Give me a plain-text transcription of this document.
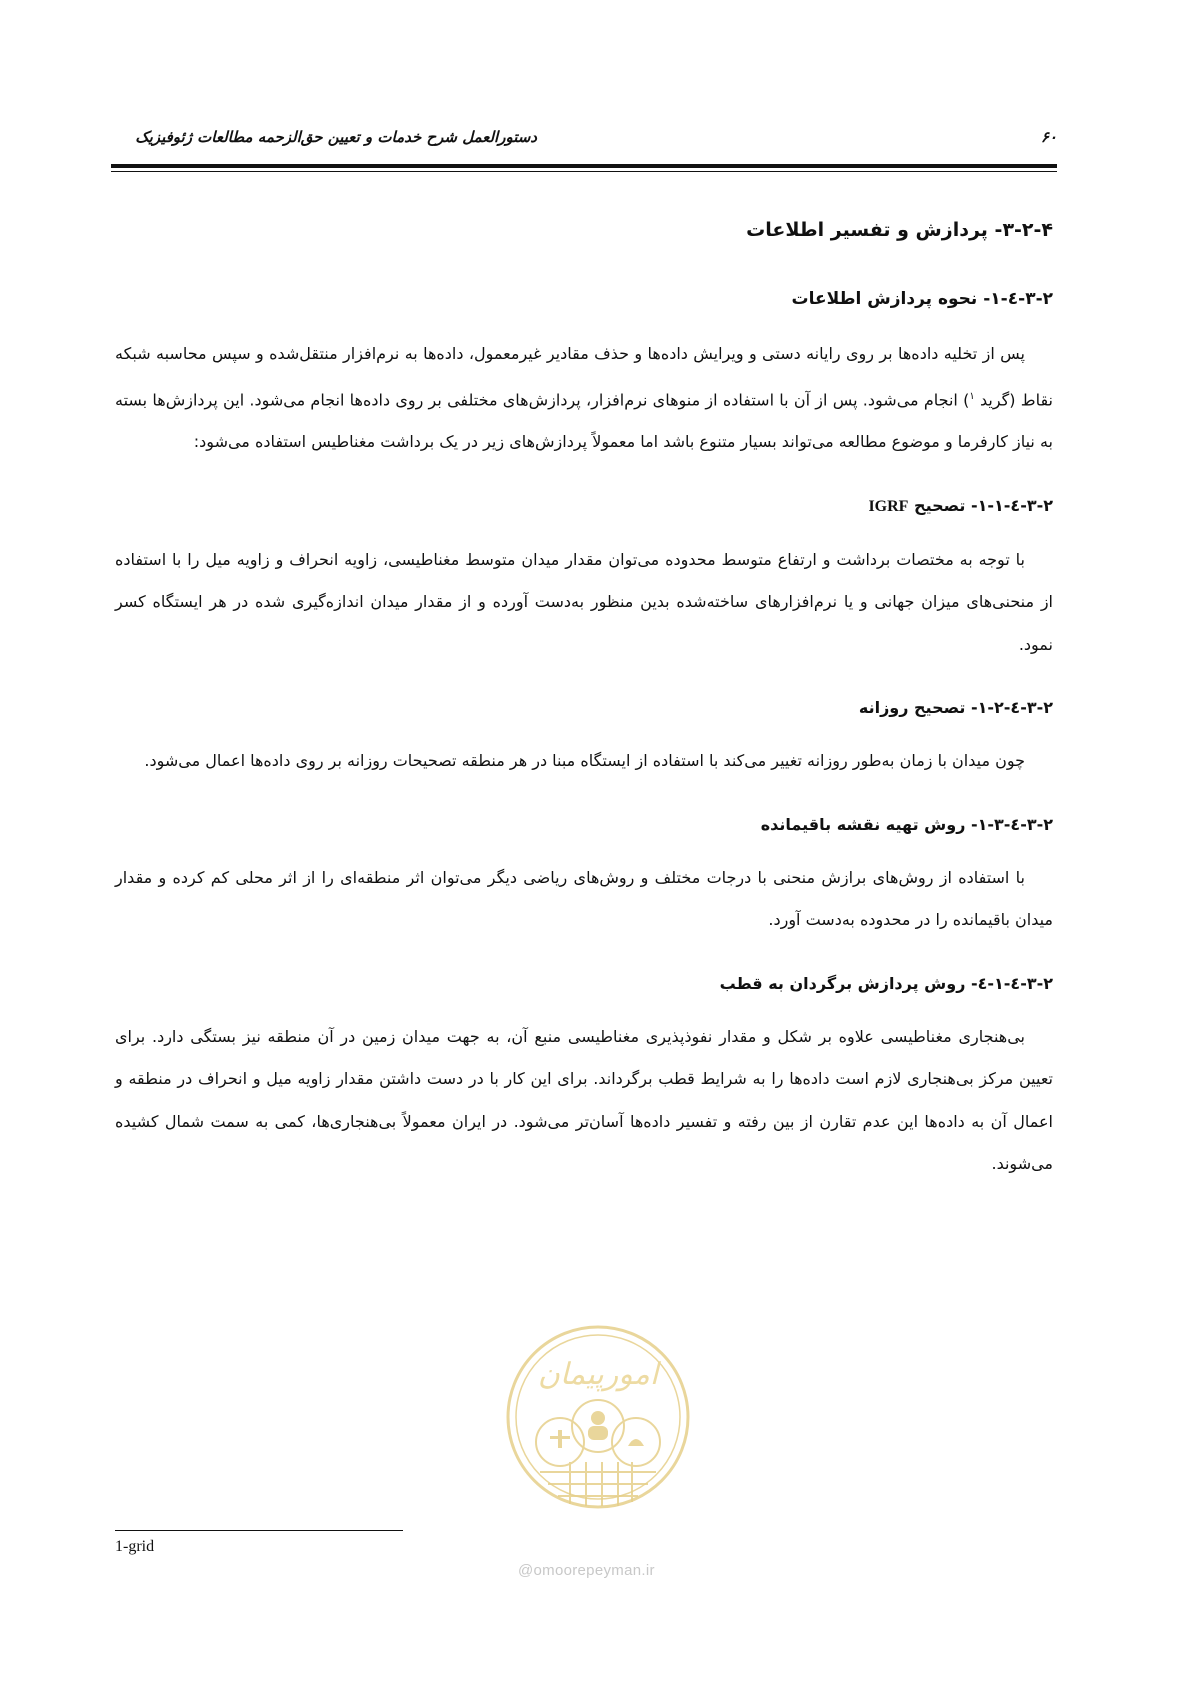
دستورالعمل شرح خدمات و تعیین حق‌الزحمه مطالعات ژئوفیزیک	۶۰
۳-۲-۴- پردازش و تفسیر اطلاعات
۳-۲-٤-۱- نحوه پردازش اطلاعات

پس از تخلیه داده‌ها بر روی رایانه دستی و ویرایش داده‌ها و حذف مقادیر غیرمعمول، داده‌ها به نرم‌افزار منتقل‌شده و سپس محاسبه شبکه نقاط (گرید $^۱$) انجام می‌شود. پس از آن با استفاده از منوهای نرم‌افزار، پردازش‌های مختلفی بر روی داده‌ها انجام می‌شود. این پردازش‌ها بسته به نیاز کارفرما و موضوع مطالعه می‌تواند بسیار متنوع باشد اما معمولاً پردازش‌های زیر در یک برداشت مغناطیس استفاده می‌شود:

۳-۲-٤-۱-۱- تصحیح IGRF

با توجه به مختصات برداشت و ارتفاع متوسط محدوده می‌توان مقدار میدان متوسط مغناطیسی، زاویه انحراف و زاویه میل را با استفاده از منحنی‌های میزان جهانی و یا نرم‌افزارهای ساخته‌شده بدین منظور به‌دست آورده و از مقدار میدان اندازه‌گیری شده در هر ایستگاه کسر نمود.

۳-۲-٤-۱-۲- تصحیح روزانه

چون میدان با زمان به‌طور روزانه تغییر می‌کند با استفاده از ایستگاه مبنا در هر منطقه تصحیحات روزانه بر روی داده‌ها اعمال می‌شود.

۳-۲-٤-۱-۳- روش تهیه نقشه باقیمانده

با استفاده از روش‌های برازش منحنی با درجات مختلف و روش‌های ریاضی دیگر می‌توان اثر منطقه‌ای را از اثر محلی کم کرده و مقدار میدان باقیمانده را در محدوده به‌دست آورد.

۳-۲-٤-۱-٤- روش پردازش برگردان به قطب

بی‌هنجاری مغناطیسی علاوه بر شکل و مقدار نفوذپذیری مغناطیسی منبع آن، به جهت میدان زمین در آن منطقه نیز بستگی دارد. برای تعیین مرکز بی‌هنجاری لازم است داده‌ها را به شرایط قطب برگرداند. برای این کار با در دست داشتن مقدار زاویه میل و انحراف در منطقه و اعمال آن به داده‌ها این عدم تقارن از بین رفته و تفسیر داده‌ها آسان‌تر می‌شود. در ایران معمولاً بی‌هنجاری‌ها، کمی به سمت شمال کشیده می‌شوند.

امورپیمان
@omoorepeyman.ir
1-grid
